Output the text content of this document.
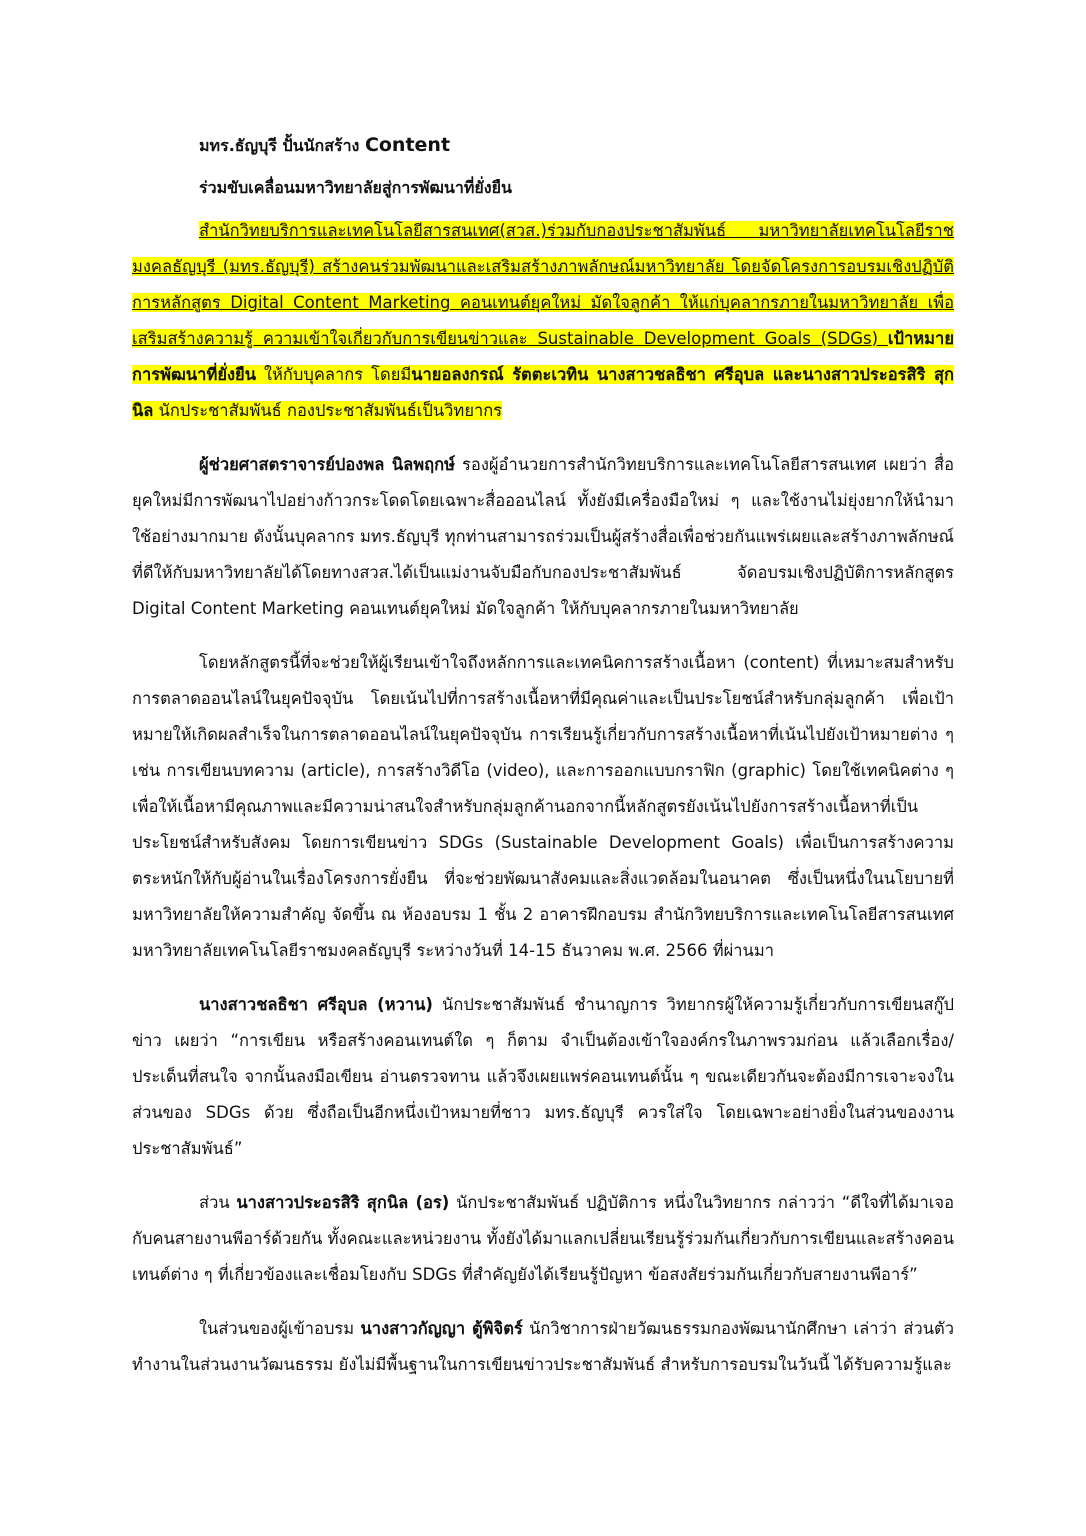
มทร.ธัญบุรี ปั้นนักสร้าง Content
ร่วมขับเคลื่อนมหาวิทยาลัยสู่การพัฒนาที่ยั่งยืน

สำนักวิทยบริการและเทคโนโลยีสารสนเทศ(สวส.)ร่วมกับกองประชาสัมพันธ์ มหาวิทยาลัยเทคโนโลยีราชมงคลธัญบุรี (มทร.ธัญบุรี) สร้างคนร่วมพัฒนาและเสริมสร้างภาพลักษณ์มหาวิทยาลัย โดยจัดโครงการอบรมเชิงปฏิบัติการหลักสูตร Digital Content Marketing คอนเทนต์ยุคใหม่ มัดใจลูกค้า ให้แก่บุคลากรภายในมหาวิทยาลัย เพื่อเสริมสร้างความรู้ ความเข้าใจเกี่ยวกับการเขียนข่าวและ Sustainable Development Goals (SDGs) เป้าหมายการพัฒนาที่ยั่งยืน ให้กับบุคลากร โดยมีนายอลงกรณ์ รัตตะเวทิน นางสาวชลธิชา ศรีอุบล และนางสาวประอรสิริ สุกนิล นักประชาสัมพันธ์ กองประชาสัมพันธ์เป็นวิทยากร

ผู้ช่วยศาสตราจารย์ปองพล นิลพฤกษ์ รองผู้อำนวยการสำนักวิทยบริการและเทคโนโลยีสารสนเทศ เผยว่า สื่อยุคใหม่มีการพัฒนาไปอย่างก้าวกระโดดโดยเฉพาะสื่อออนไลน์ ทั้งยังมีเครื่องมือใหม่ ๆ และใช้งานไม่ยุ่งยากให้นำมาใช้อย่างมากมาย ดังนั้นบุคลากร มทร.ธัญบุรี ทุกท่านสามารถร่วมเป็นผู้สร้างสื่อเพื่อช่วยกันแพร่เผยและสร้างภาพลักษณ์ที่ดีให้กับมหาวิทยาลัยได้โดยทางสวส.ได้เป็นแม่งานจับมือกับกองประชาสัมพันธ์ จัดอบรมเชิงปฏิบัติการหลักสูตร Digital Content Marketing คอนเทนต์ยุคใหม่ มัดใจลูกค้า ให้กับบุคลากรภายในมหาวิทยาลัย

โดยหลักสูตรนี้ที่จะช่วยให้ผู้เรียนเข้าใจถึงหลักการและเทคนิคการสร้างเนื้อหา (content) ที่เหมาะสมสำหรับการตลาดออนไลน์ในยุคปัจจุบัน โดยเน้นไปที่การสร้างเนื้อหาที่มีคุณค่าและเป็นประโยชน์สำหรับกลุ่มลูกค้า เพื่อเป้าหมายให้เกิดผลสำเร็จในการตลาดออนไลน์ในยุคปัจจุบัน การเรียนรู้เกี่ยวกับการสร้างเนื้อหาที่เน้นไปยังเป้าหมายต่าง ๆ เช่น การเขียนบทความ (article), การสร้างวิดีโอ (video), และการออกแบบกราฟิก (graphic) โดยใช้เทคนิคต่าง ๆ เพื่อให้เนื้อหามีคุณภาพและมีความน่าสนใจสำหรับกลุ่มลูกค้านอกจากนี้หลักสูตรยังเน้นไปยังการสร้างเนื้อหาที่เป็นประโยชน์สำหรับสังคม โดยการเขียนข่าว SDGs (Sustainable Development Goals) เพื่อเป็นการสร้างความตระหนักให้กับผู้อ่านในเรื่องโครงการยั่งยืน ที่จะช่วยพัฒนาสังคมและสิ่งแวดล้อมในอนาคต ซึ่งเป็นหนึ่งในนโยบายที่มหาวิทยาลัยให้ความสำคัญ จัดขึ้น ณ ห้องอบรม 1 ชั้น 2 อาคารฝึกอบรม สำนักวิทยบริการและเทคโนโลยีสารสนเทศ มหาวิทยาลัยเทคโนโลยีราชมงคลธัญบุรี ระหว่างวันที่ 14-15 ธันวาคม พ.ศ. 2566 ที่ผ่านมา

นางสาวชลธิชา ศรีอุบล (หวาน) นักประชาสัมพันธ์ ชำนาญการ วิทยากรผู้ให้ความรู้เกี่ยวกับการเขียนสกู๊ปข่าว เผยว่า “การเขียน หรือสร้างคอนเทนต์ใด ๆ ก็ตาม จำเป็นต้องเข้าใจองค์กรในภาพรวมก่อน แล้วเลือกเรื่อง/ประเด็นที่สนใจ จากนั้นลงมือเขียน อ่านตรวจทาน แล้วจึงเผยแพร่คอนเทนต์นั้น ๆ ขณะเดียวกันจะต้องมีการเจาะจงในส่วนของ SDGs ด้วย ซึ่งถือเป็นอีกหนึ่งเป้าหมายที่ชาว มทร.ธัญบุรี ควรใส่ใจ โดยเฉพาะอย่างยิ่งในส่วนของงานประชาสัมพันธ์”

ส่วน นางสาวประอรสิริ สุกนิล (อร) นักประชาสัมพันธ์ ปฏิบัติการ หนึ่งในวิทยากร กล่าวว่า “ดีใจที่ได้มาเจอกับคนสายงานพีอาร์ด้วยกัน ทั้งคณะและหน่วยงาน ทั้งยังได้มาแลกเปลี่ยนเรียนรู้ร่วมกันเกี่ยวกับการเขียนและสร้างคอนเทนต์ต่าง ๆ ที่เกี่ยวข้องและเชื่อมโยงกับ SDGs ที่สำคัญยังได้เรียนรู้ปัญหา ข้อสงสัยร่วมกันเกี่ยวกับสายงานพีอาร์”

ในส่วนของผู้เข้าอบรม นางสาวกัญญา ตู้พิจิตร์ นักวิชาการฝ่ายวัฒนธรรมกองพัฒนานักศึกษา เล่าว่า ส่วนตัวทำงานในส่วนงานวัฒนธรรม ยังไม่มีพื้นฐานในการเขียนข่าวประชาสัมพันธ์ สำหรับการอบรมในวันนี้ ได้รับความรู้และ
